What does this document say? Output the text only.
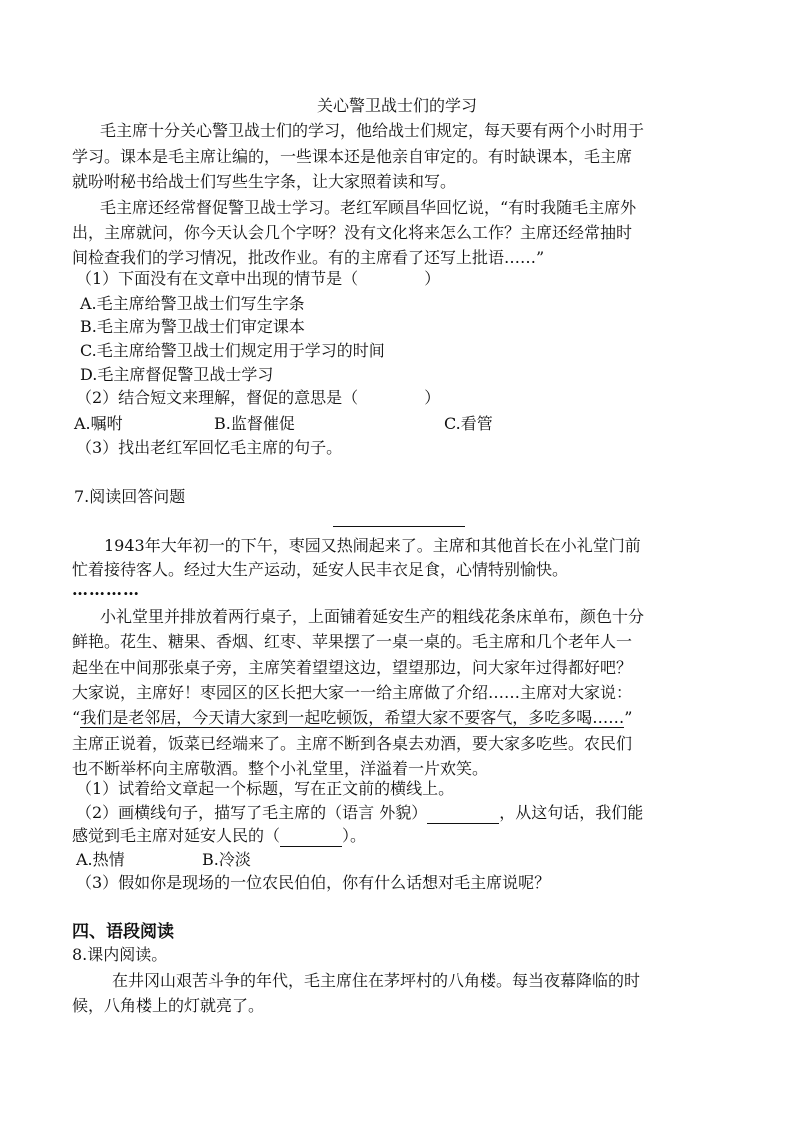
关心警卫战士们的学习
毛主席十分关心警卫战士们的学习，他给战士们规定，每天要有两个小时用于
学习。课本是毛主席让编的，一些课本还是他亲自审定的。有时缺课本，毛主席
就吩咐秘书给战士们写些生字条，让大家照着读和写。
毛主席还经常督促警卫战士学习。老红军顾昌华回忆说，“有时我随毛主席外
出，主席就问，你今天认会几个字呀？没有文化将来怎么工作？主席还经常抽时
间检查我们的学习情况，批改作业。有的主席看了还写上批语……”
（1）下面没有在文章中出现的情节是（	）
A.毛主席给警卫战士们写生字条
B.毛主席为警卫战士们审定课本
C.毛主席给警卫战士们规定用于学习的时间
D.毛主席督促警卫战士学习
（2）结合短文来理解，督促的意思是（	）
A.嘱咐	B.监督催促	C.看管
（3）找出老红军回忆毛主席的句子。
7.阅读回答问题
1943年大年初一的下午，枣园又热闹起来了。主席和其他首长在小礼堂门前
忙着接待客人。经过大生产运动，延安人民丰衣足食，心情特别愉快。
…………
小礼堂里并排放着两行桌子，上面铺着延安生产的粗线花条床单布，颜色十分
鲜艳。花生、糖果、香烟、红枣、苹果摆了一桌一桌的。毛主席和几个老年人一
起坐在中间那张桌子旁，主席笑着望望这边，望望那边，问大家年过得都好吧？
大家说，主席好！枣园区的区长把大家一一给主席做了介绍……主席对大家说：
“我们是老邻居，今天请大家到一起吃顿饭，希望大家不要客气，多吃多喝……”
主席正说着，饭菜已经端来了。主席不断到各桌去劝酒，要大家多吃些。农民们
也不断举杯向主席敬酒。整个小礼堂里，洋溢着一片欢笑。
（1）试着给文章起一个标题，写在正文前的横线上。
（2）画横线句子，描写了毛主席的（语言 外貌）	，从这句话，我们能
感觉到毛主席对延安人民的（	）。
A.热情	B.冷淡
（3）假如你是现场的一位农民伯伯，你有什么话想对毛主席说呢？
四、语段阅读
8.课内阅读。
在井冈山艰苦斗争的年代，毛主席住在茅坪村的八角楼。每当夜幕降临的时
候，八角楼上的灯就亮了。
